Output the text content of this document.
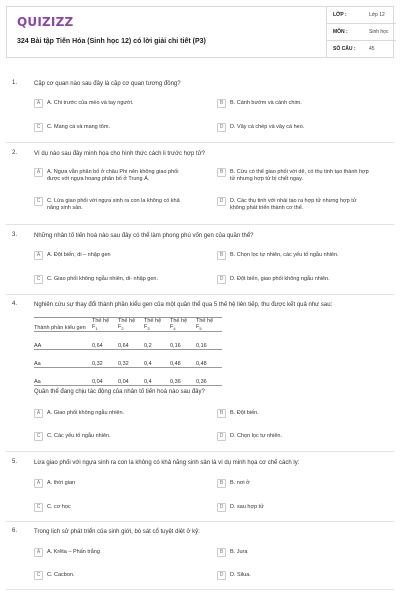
QUIZIZZ
324 Bài tập Tiến Hóa (Sinh học 12) có lời giải chi tiết (P3)
LỚP :	Lớp 12
MÔN :	Sinh học
SỐ CÂU :	45
1.	Cặp cơ quan nào sau đây là cặp cơ quan tương đồng?
A	A. Chi trước của mèo và tay người.	B	B. Cánh bướm và cánh chim.
C	C. Mang cá và mang tôm.	D	D. Vây cá chép và vây cá heo.
2.	Ví dụ nào sau đây minh họa cho hình thức cách li trước hợp tử?
A	A. Ngựa vằn phân bố ở châu Phi nên không giao phối được với ngựa hoang phân bố ở Trung Á.
B	B. Cừu có thể giao phối với dê, có thụ tinh tạo thành hợp tử nhưng hợp tử bị chết ngay.
C	C. Lừa giao phối với ngựa sinh ra con la không có khả năng sinh sản.
D	D. Các thụ tinh với nhái tạo ra hợp tử nhưng hợp tử không phát triển thành cơ thể.
3.	Những nhân tố tiến hoá nào sau đây có thể làm phong phú vốn gen của quần thể?
A	A. Đột biến, di – nhập gen	B	B. Chọn lọc tự nhiên, các yếu tố ngẫu nhiên.
C	C. Giao phối không ngẫu nhiên, di- nhập gen.	D	D. Đột biến, giao phối không ngẫu nhiên.
4.	Nghiên cứu sự thay đổi thành phần kiểu gen của một quần thể qua 5 thế hệ liên tiếp, thu được kết quả như sau:
Thành phần kiểu gen	Thế hệ $F_1$	Thế hệ $F_2$	Thế hệ $F_3$	Thế hệ $F_4$	Thế hệ $F_5$
AA	0,64	0,64	0,2	0,16	0,16
Aa	0,32	0,32	0,4	0,48	0,48
Aa	0,04	0,04	0,4	0,36	0,36
Quần thể đang chịu tác động của nhân tố tiến hoá nào sau đây?
A	A. Giao phối không ngẫu nhiên.	B	B. Đột biến.
C	C. Các yếu tố ngẫu nhiên.	D	D. Chọn lọc tự nhiên.
5.	Lừa giao phối với ngựa sinh ra con la không có khả năng sinh sản là ví dụ minh họa cơ chế cách ly:
A	A. thời gian	B	B. nơi ở
C	C. cơ học	D	D. sau hợp tử
6.	Trong lịch sử phát triển của sinh giới, bò sát cổ tuyệt diệt ở kỷ:
A	A. Krêta – Phấn trắng	B	B. Jura
C	C. Cacbon.	D	D. Silua.
